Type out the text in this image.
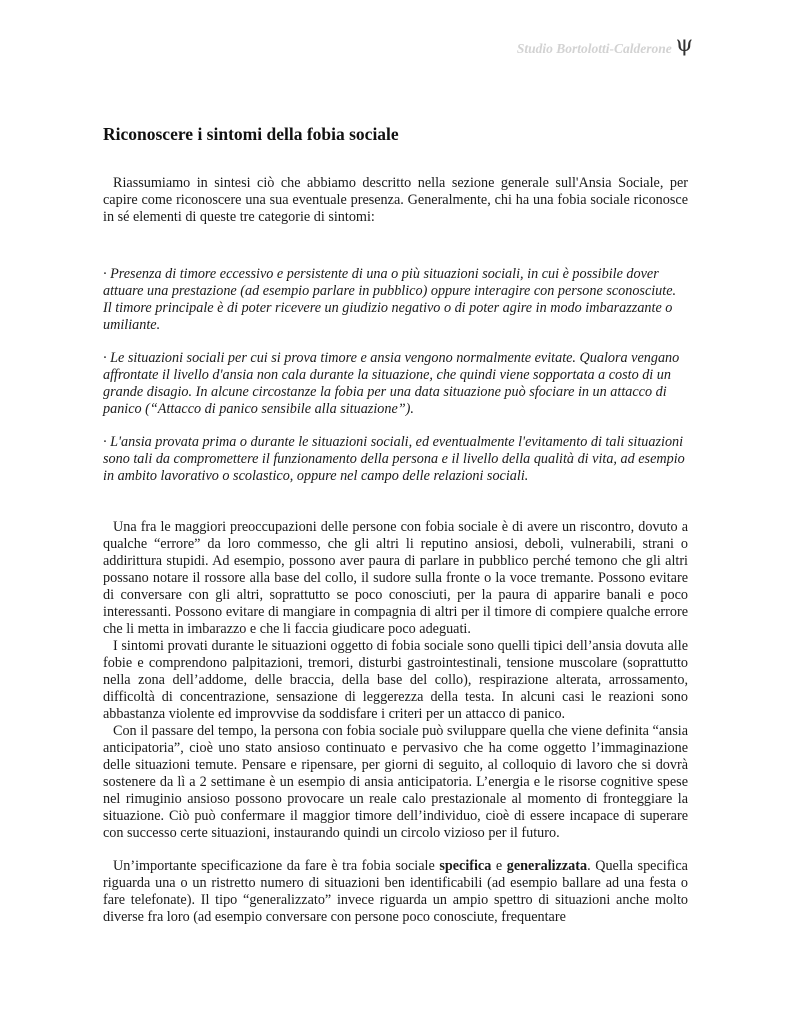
Studio Bortolotti-Calderone ψ
Riconoscere i sintomi della fobia sociale

Riassumiamo in sintesi ciò che abbiamo descritto nella sezione generale sull'Ansia Sociale, per capire come riconoscere una sua eventuale presenza. Generalmente, chi ha una fobia sociale riconosce in sé elementi di queste tre categorie di sintomi:

· Presenza di timore eccessivo e persistente di una o più situazioni sociali, in cui è possibile dover attuare una prestazione (ad esempio parlare in pubblico) oppure interagire con persone sconosciute. Il timore principale è di poter ricevere un giudizio negativo o di poter agire in modo imbarazzante o umiliante.

· Le situazioni sociali per cui si prova timore e ansia vengono normalmente evitate. Qualora vengano affrontate il livello d'ansia non cala durante la situazione, che quindi viene sopportata a costo di un grande disagio. In alcune circostanze la fobia per una data situazione può sfociare in un attacco di panico (“Attacco di panico sensibile alla situazione”).

· L'ansia provata prima o durante le situazioni sociali, ed eventualmente l'evitamento di tali situazioni sono tali da compromettere il funzionamento della persona e il livello della qualità di vita, ad esempio in ambito lavorativo o scolastico, oppure nel campo delle relazioni sociali.

Una fra le maggiori preoccupazioni delle persone con fobia sociale è di avere un riscontro, dovuto a qualche “errore” da loro commesso, che gli altri li reputino ansiosi, deboli, vulnerabili, strani o addirittura stupidi. Ad esempio, possono aver paura di parlare in pubblico perché temono che gli altri possano notare il rossore alla base del collo, il sudore sulla fronte o la voce tremante. Possono evitare di conversare con gli altri, soprattutto se poco conosciuti, per la paura di apparire banali e poco interessanti. Possono evitare di mangiare in compagnia di altri per il timore di compiere qualche errore che li metta in imbarazzo e che li faccia giudicare poco adeguati.

I sintomi provati durante le situazioni oggetto di fobia sociale sono quelli tipici dell’ansia dovuta alle fobie e comprendono palpitazioni, tremori, disturbi gastrointestinali, tensione muscolare (soprattutto nella zona dell’addome, delle braccia, della base del collo), respirazione alterata, arrossamento, difficoltà di concentrazione, sensazione di leggerezza della testa. In alcuni casi le reazioni sono abbastanza violente ed improvvise da soddisfare i criteri per un attacco di panico.

Con il passare del tempo, la persona con fobia sociale può sviluppare quella che viene definita “ansia anticipatoria”, cioè uno stato ansioso continuato e pervasivo che ha come oggetto l’immaginazione delle situazioni temute. Pensare e ripensare, per giorni di seguito, al colloquio di lavoro che si dovrà sostenere da lì a 2 settimane è un esempio di ansia anticipatoria. L’energia e le risorse cognitive spese nel rimuginio ansioso possono provocare un reale calo prestazionale al momento di fronteggiare la situazione. Ciò può confermare il maggior timore dell’individuo, cioè di essere incapace di superare con successo certe situazioni, instaurando quindi un circolo vizioso per il futuro.

Un’importante specificazione da fare è tra fobia sociale specifica e generalizzata. Quella specifica riguarda una o un ristretto numero di situazioni ben identificabili (ad esempio ballare ad una festa o fare telefonate). Il tipo “generalizzato” invece riguarda un ampio spettro di situazioni anche molto diverse fra loro (ad esempio conversare con persone poco conosciute, frequentare
